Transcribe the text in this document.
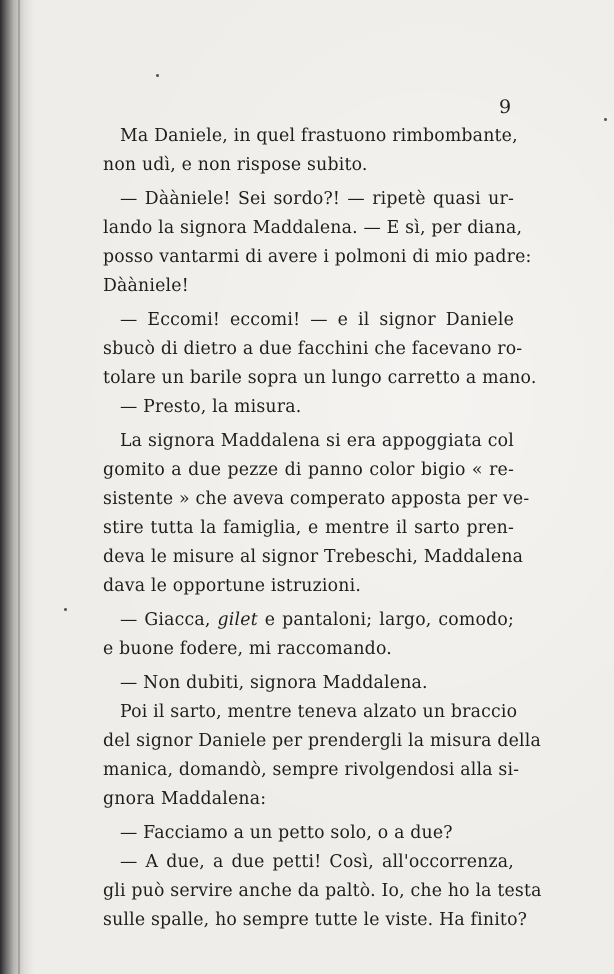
9
Ma Daniele, in quel frastuono rimbombante,
non udì, e non rispose subito.
— Dààniele! Sei sordo?! — ripetè quasi ur-
lando la signora Maddalena. — E sì, per diana,
posso vantarmi di avere i polmoni di mio padre:
Dààniele!
— Eccomi! eccomi! — e il signor Daniele
sbucò di dietro a due facchini che facevano ro-
tolare un barile sopra un lungo carretto a mano.
— Presto, la misura.
La signora Maddalena si era appoggiata col
gomito a due pezze di panno color bigio « re-
sistente » che aveva comperato apposta per ve-
stire tutta la famiglia, e mentre il sarto pren-
deva le misure al signor Trebeschi, Maddalena
dava le opportune istruzioni.
— Giacca, gilet e pantaloni; largo, comodo;
e buone fodere, mi raccomando.
— Non dubiti, signora Maddalena.
Poi il sarto, mentre teneva alzato un braccio
del signor Daniele per prendergli la misura della
manica, domandò, sempre rivolgendosi alla si-
gnora Maddalena:
— Facciamo a un petto solo, o a due?
— A due, a due petti! Così, all'occorrenza,
gli può servire anche da paltò. Io, che ho la testa
sulle spalle, ho sempre tutte le viste. Ha finito?
